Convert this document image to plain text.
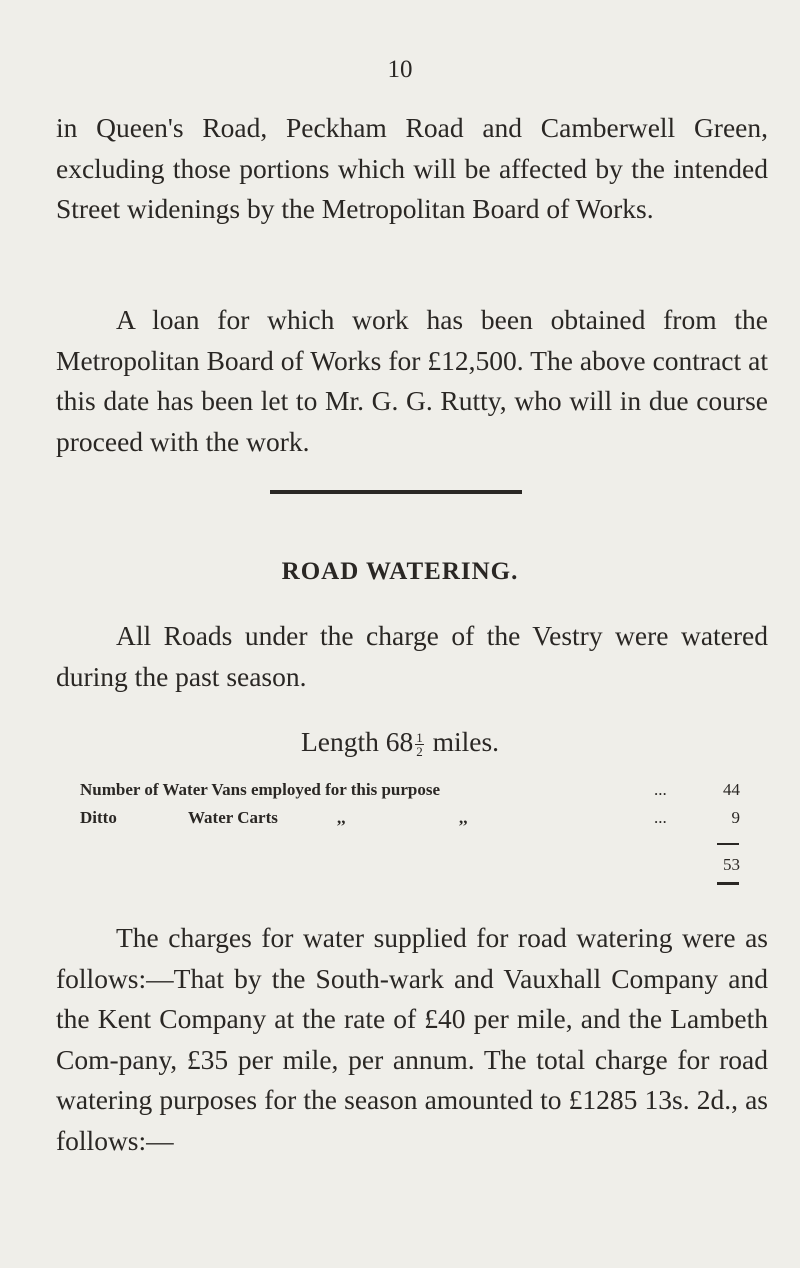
10

in Queen's Road, Peckham Road and Camberwell Green, excluding those portions which will be affected by the intended Street widenings by the Metropolitan Board of Works.

A loan for which work has been obtained from the Metropolitan Board of Works for £12,500. The above contract at this date has been let to Mr. G. G. Rutty, who will in due course proceed with the work.

ROAD WATERING.

All Roads under the charge of the Vestry were watered during the past season.

Length $68 \frac{1}{2}$ miles.
Number of Water Vans employed for this purpose	...	44
Ditto	Water Carts	,,	,,	...	9
53

The charges for water supplied for road watering were as follows:—That by the South-wark and Vauxhall Company and the Kent Company at the rate of £40 per mile, and the Lambeth Com-pany, £35 per mile, per annum. The total charge for road watering purposes for the season amounted to £1285 13s. 2d., as follows:—
